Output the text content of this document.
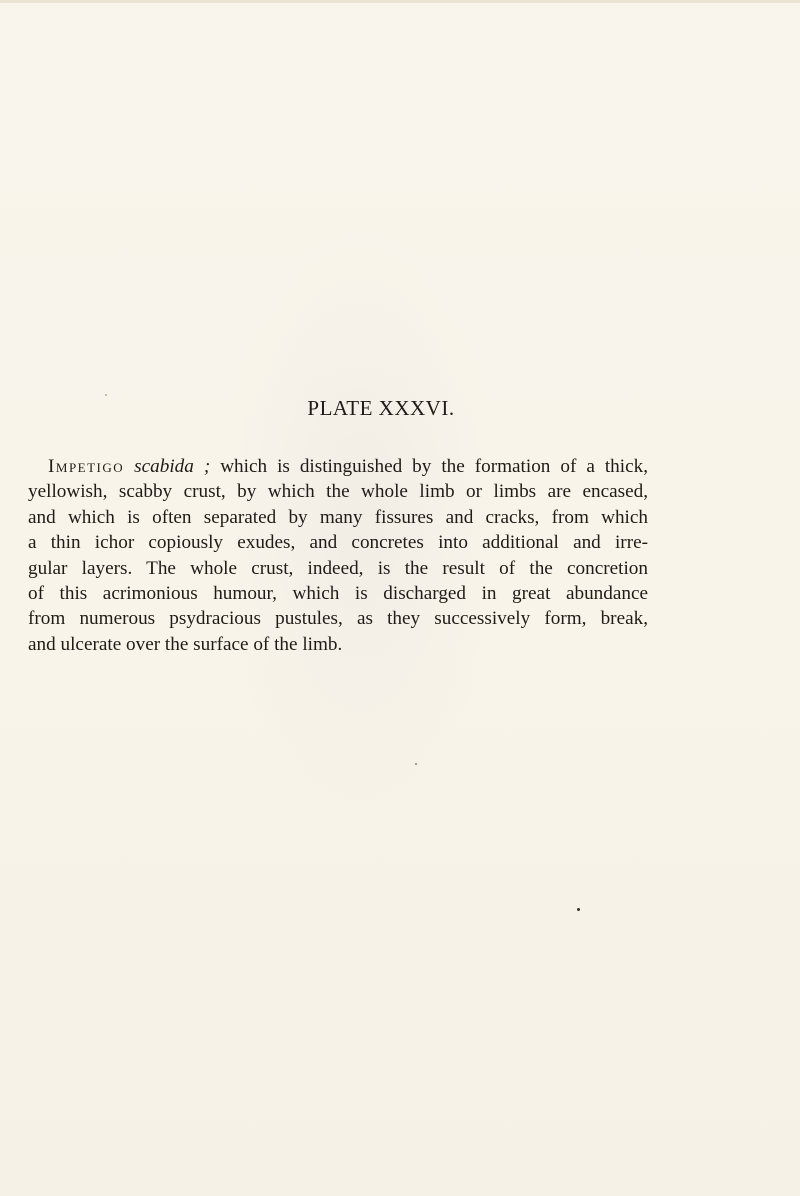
PLATE XXXVI.
Impetigo scabida ; which is distinguished by the formation of a thick,
yellowish, scabby crust, by which the whole limb or limbs are encased,
and which is often separated by many fissures and cracks, from which
a thin ichor copiously exudes, and concretes into additional and irre-
gular layers. The whole crust, indeed, is the result of the concretion
of this acrimonious humour, which is discharged in great abundance
from numerous psydracious pustules, as they successively form, break,
and ulcerate over the surface of the limb.
